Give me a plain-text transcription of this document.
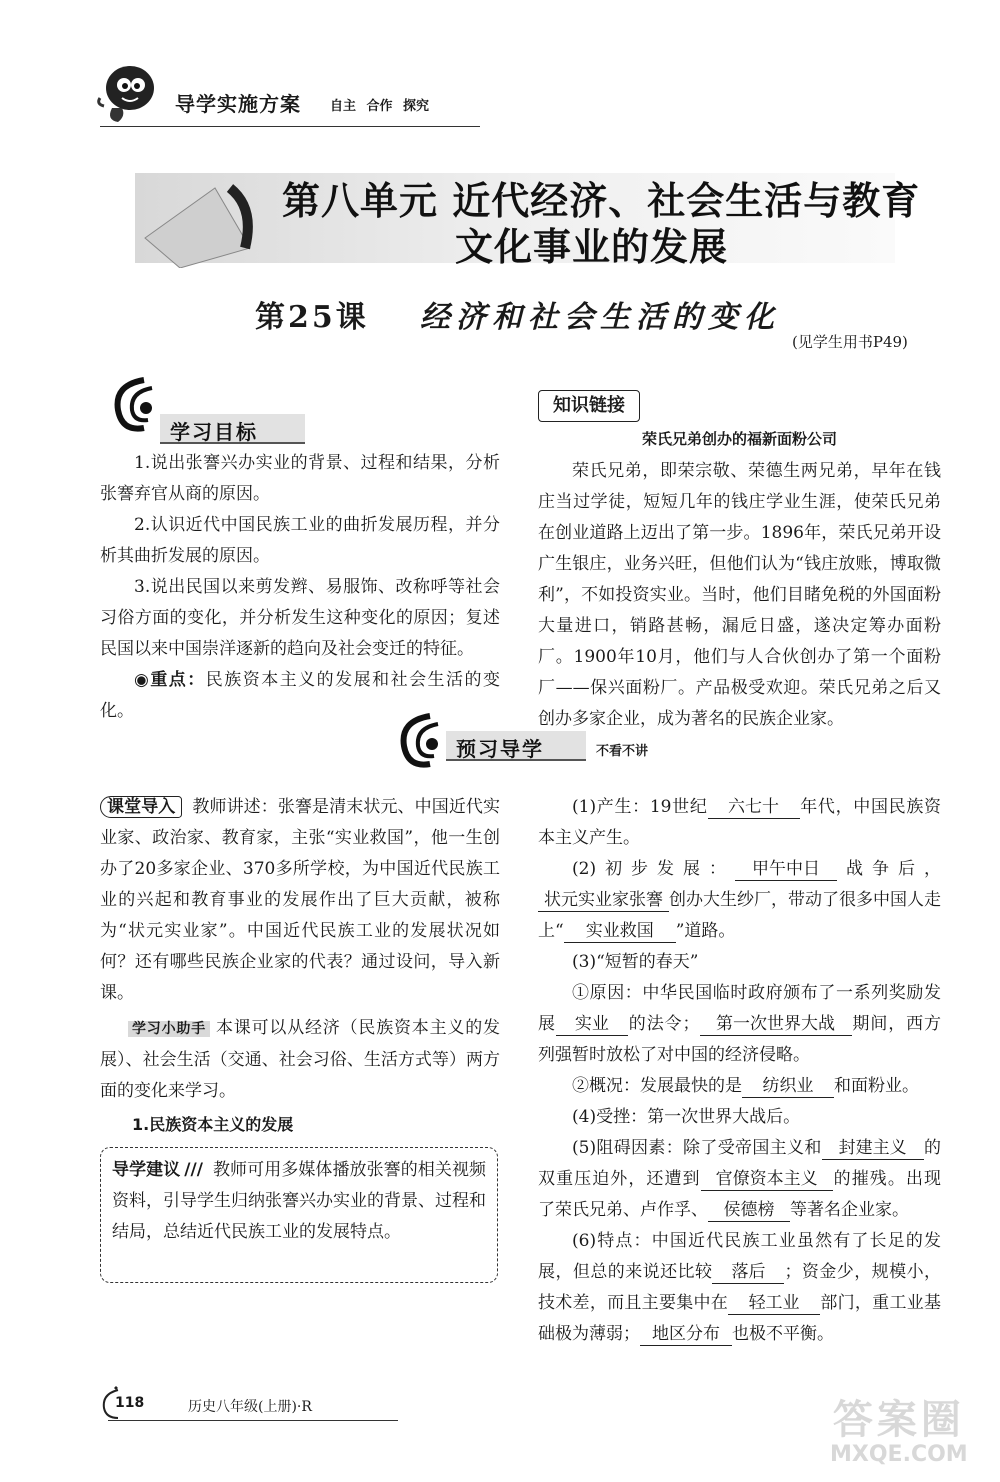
导学实施方案 自主 合作 探究
第八单元 近代经济、社会生活与教育
文化事业的发展
第25课 经济和社会生活的变化
(见学生用书P49)
学习目标

1.说出张謇兴办实业的背景、过程和结果，分析张謇弃官从商的原因。

2.认识近代中国民族工业的曲折发展历程，并分析其曲折发展的原因。

3.说出民国以来剪发辫、易服饰、改称呼等社会习俗方面的变化，并分析发生这种变化的原因；复述民国以来中国崇洋逐新的趋向及社会变迁的特征。

◉重点：民族资本主义的发展和社会生活的变化。

知识链接
荣氏兄弟创办的福新面粉公司

荣氏兄弟，即荣宗敬、荣德生两兄弟，早年在钱庄当过学徒，短短几年的钱庄学业生涯，使荣氏兄弟在创业道路上迈出了第一步。1896年，荣氏兄弟开设广生银庄，业务兴旺，但他们认为“钱庄放账，博取微利”，不如投资实业。当时，他们目睹免税的外国面粉大量进口，销路甚畅，漏卮日盛，遂决定筹办面粉厂。1900年10月，他们与人合伙创办了第一个面粉厂——保兴面粉厂。产品极受欢迎。荣氏兄弟之后又创办多家企业，成为著名的民族企业家。

预习导学	不看不讲

课堂导入 教师讲述：张謇是清末状元、中国近代实业家、政治家、教育家，主张“实业救国”，他一生创办了20多家企业、370多所学校，为中国近代民族工业的兴起和教育事业的发展作出了巨大贡献，被称为“状元实业家”。中国近代民族工业的发展状况如何？还有哪些民族企业家的代表？通过设问，导入新课。

学习小助手 本课可以从经济（民族资本主义的发展）、社会生活（交通、社会习俗、生活方式等）两方面的变化来学习。

1.民族资本主义的发展

导学建议 /// 教师可用多媒体播放张謇的相关视频资料，引导学生归纳张謇兴办实业的背景、过程和结局，总结近代民族工业的发展特点。

(1)产生：19世纪 六七十 年代，中国民族资本主义产生。

(2)初步发展： 甲午中日 战争后，状元实业家张謇 创办大生纱厂，带动了很多中国人走上“ 实业救国 ”道路。

(3)“短暂的春天”

①原因：中华民国临时政府颁布了一系列奖励发展 实业 的法令； 第一次世界大战 期间，西方列强暂时放松了对中国的经济侵略。

②概况：发展最快的是 纺织业 和面粉业。

(4)受挫：第一次世界大战后。

(5)阻碍因素：除了受帝国主义和 封建主义 的双重压迫外，还遭到 官僚资本主义 的摧残。出现了荣氏兄弟、卢作孚、 侯德榜 等著名企业家。

(6)特点：中国近代民族工业虽然有了长足的发展，但总的来说还比较 落后 ；资金少，规模小，技术差，而且主要集中在 轻工业 部门，重工业基础极为薄弱； 地区分布 也极不平衡。

118	历史八年级(上册)·R	答案圈
MXQE.COM
